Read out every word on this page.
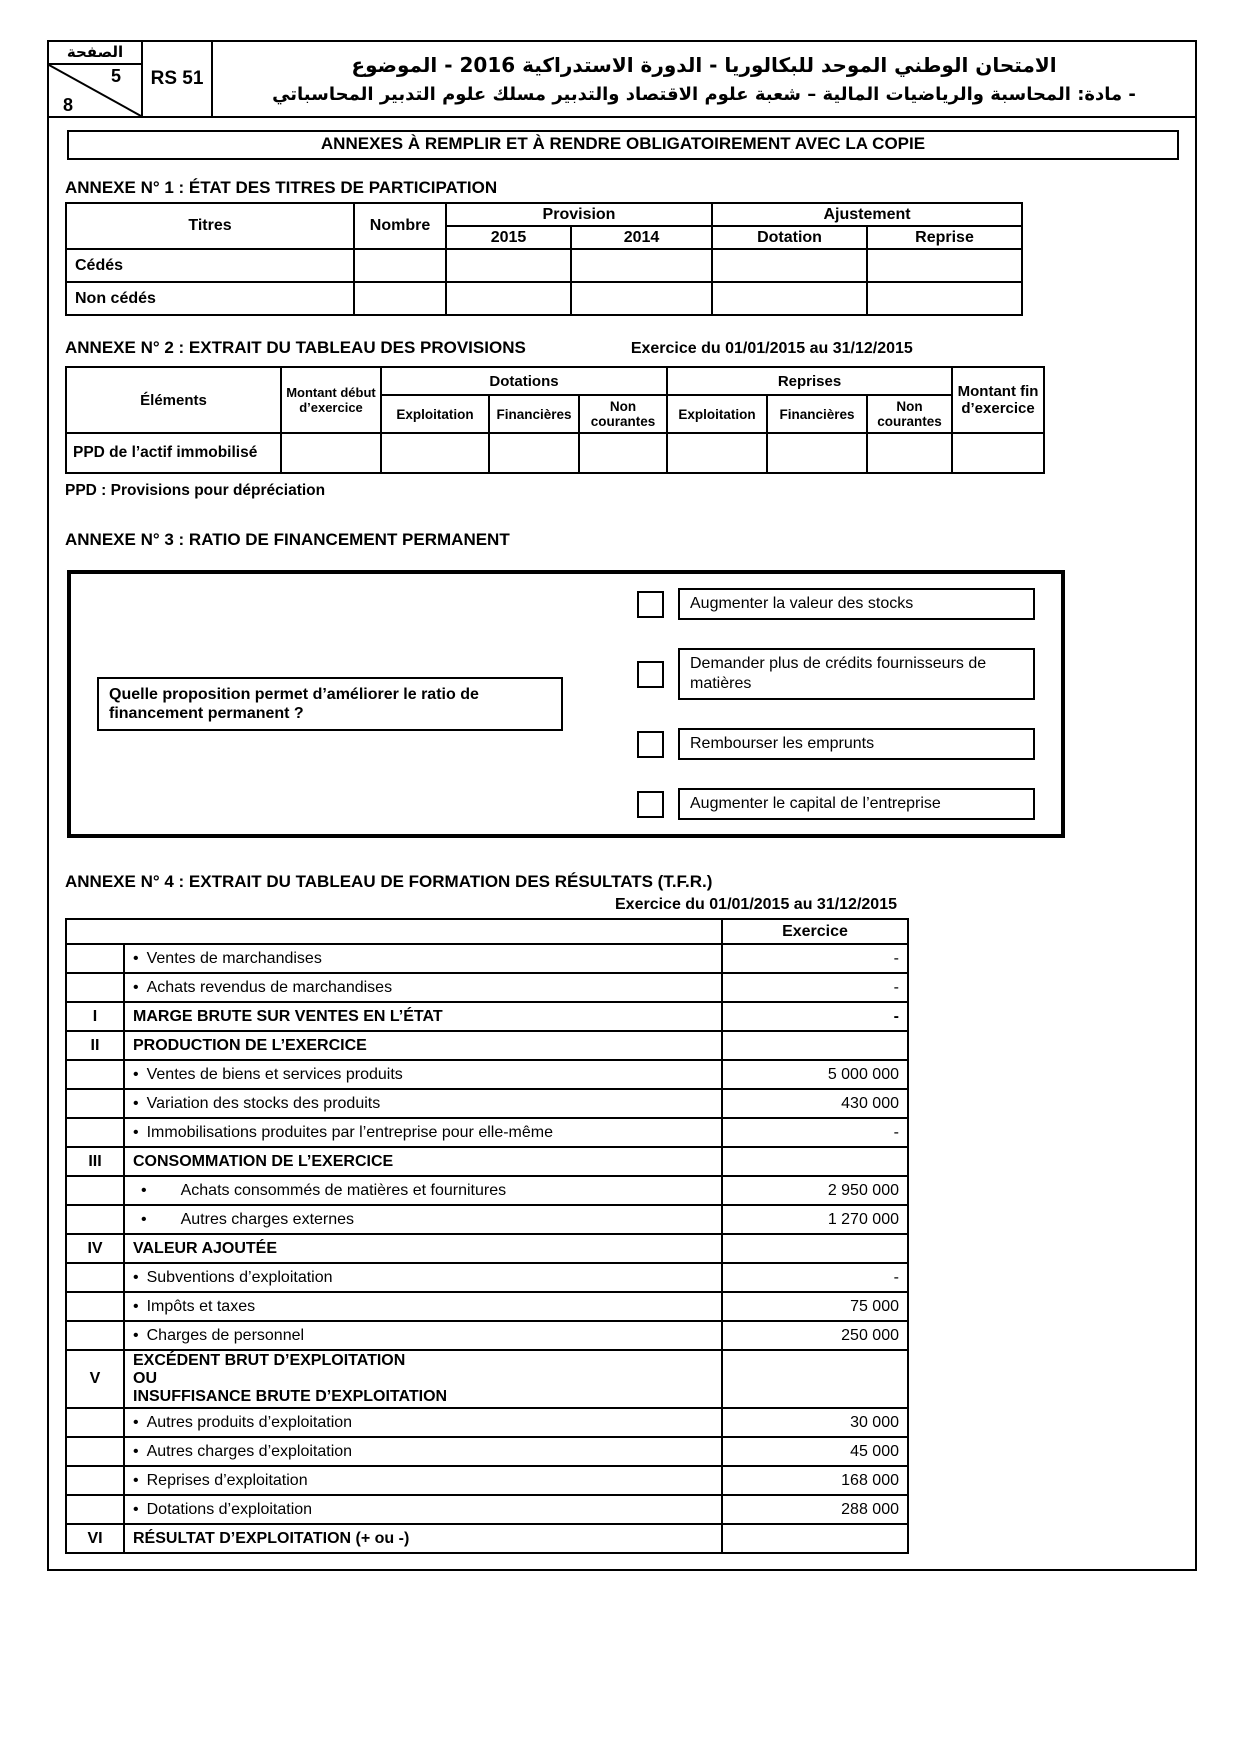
الصفحة
5
8
RS 51
الامتحان الوطني الموحد للبكالوريا - الدورة الاستدراكية 2016 - الموضوع
- مادة: المحاسبة والرياضيات المالية – شعبة علوم الاقتصاد والتدبير مسلك علوم التدبير المحاسباتي
ANNEXES À REMPLIR ET À RENDRE OBLIGATOIREMENT AVEC LA COPIE
ANNEXE N° 1 : ÉTAT DES TITRES DE PARTICIPATION
Titres	Nombre	Provision		Ajustement	
		2015	2014	Dotation	Reprise
Cédés					
Non cédés					
ANNEXE N° 2 : EXTRAIT DU TABLEAU DES PROVISIONS	Exercice du 01/01/2015 au 31/12/2015
Éléments	Montant début d’exercice	Dotations			Reprises			Montant fin d’exercice
		Exploitation	Financières	Non courantes	Exploitation	Financières	Non courantes	
PPD de l’actif immobilisé								
PPD : Provisions pour dépréciation
ANNEXE N° 3 : RATIO DE FINANCEMENT PERMANENT
Quelle proposition permet d’améliorer le ratio de financement permanent ?
Augmenter la valeur des stocks
Demander plus de crédits fournisseurs de matières
Rembourser les emprunts
Augmenter le capital de l’entreprise
ANNEXE N° 4 : EXTRAIT DU TABLEAU DE FORMATION DES RÉSULTATS (T.F.R.)
Exercice du 01/01/2015 au 31/12/2015
		Exercice
	• Ventes de marchandises	-
	• Achats revendus de marchandises	-
I	MARGE BRUTE SUR VENTES EN L’ÉTAT	-
II	PRODUCTION DE L’EXERCICE	
	• Ventes de biens et services produits	5 000 000
	• Variation des stocks des produits	430 000
	• Immobilisations produites par l’entreprise pour elle-même	-
III	CONSOMMATION DE L’EXERCICE	
	• Achats consommés de matières et fournitures	2 950 000
	• Autres charges externes	1 270 000
IV	VALEUR AJOUTÉE	
	• Subventions d’exploitation	-
	• Impôts et taxes	75 000
	• Charges de personnel	250 000
V	EXCÉDENT BRUT D’EXPLOITATION
OU
INSUFFISANCE BRUTE D’EXPLOITATION	
	• Autres produits d’exploitation	30 000
	• Autres charges d’exploitation	45 000
	• Reprises d’exploitation	168 000
	• Dotations d’exploitation	288 000
VI	RÉSULTAT D’EXPLOITATION (+ ou -)	
